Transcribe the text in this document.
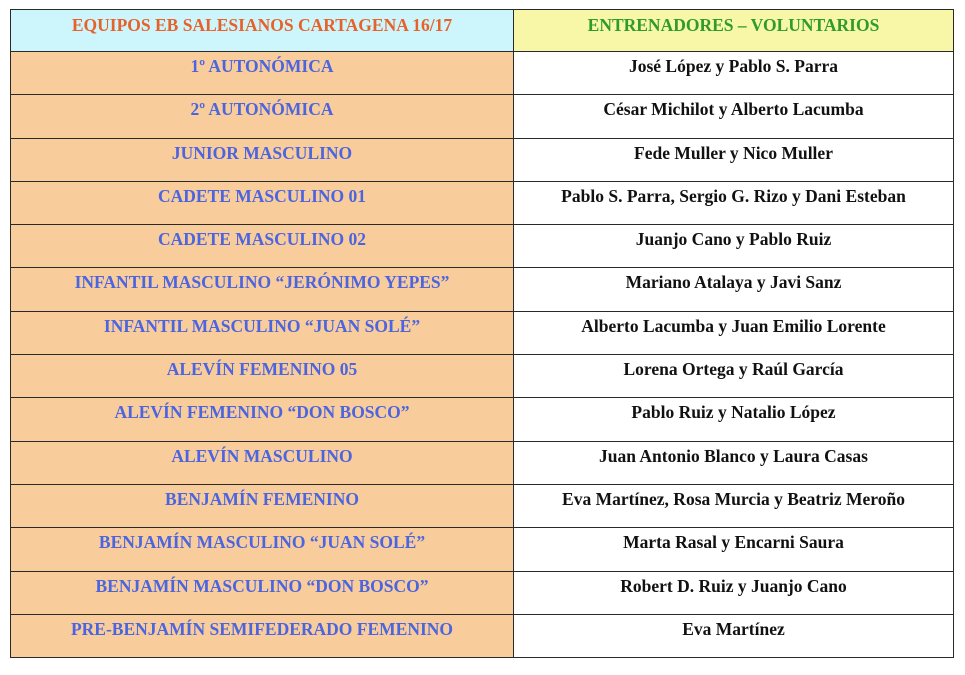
EQUIPOS EB SALESIANOS CARTAGENA 16/17	ENTRENADORES – VOLUNTARIOS
1º AUTONÓMICA	José López y Pablo S. Parra
2º AUTONÓMICA	César Michilot y Alberto Lacumba
JUNIOR MASCULINO	Fede Muller y Nico Muller
CADETE MASCULINO 01	Pablo S. Parra, Sergio G. Rizo y Dani Esteban
CADETE MASCULINO 02	Juanjo Cano y Pablo Ruiz
INFANTIL MASCULINO “JERÓNIMO YEPES”	Mariano Atalaya y Javi Sanz
INFANTIL MASCULINO “JUAN SOLÉ”	Alberto Lacumba y Juan Emilio Lorente
ALEVÍN FEMENINO 05	Lorena Ortega y Raúl García
ALEVÍN FEMENINO “DON BOSCO”	Pablo Ruiz y Natalio López
ALEVÍN MASCULINO	Juan Antonio Blanco y Laura Casas
BENJAMÍN FEMENINO	Eva Martínez, Rosa Murcia y Beatriz Meroño
BENJAMÍN MASCULINO “JUAN SOLÉ”	Marta Rasal y Encarni Saura
BENJAMÍN MASCULINO “DON BOSCO”	Robert D. Ruiz y Juanjo Cano
PRE-BENJAMÍN SEMIFEDERADO FEMENINO	Eva Martínez
